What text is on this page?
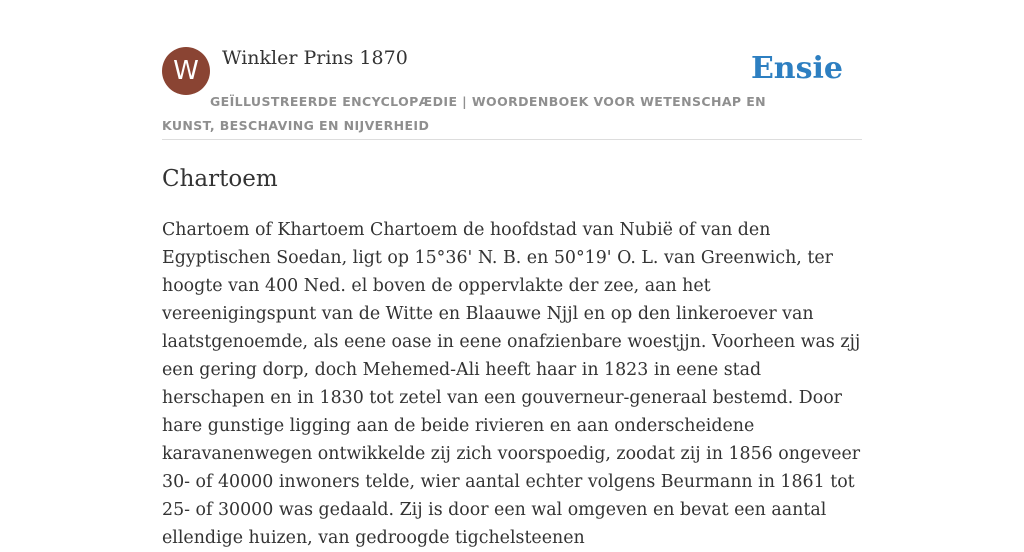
W	Winkler Prins 1870	Ensie

GEÏLLUSTREERDE ENCYCLOPÆDIE | WOORDENBOEK VOOR WETENSCHAP EN KUNST, BESCHAVING EN NIJVERHEID

Chartoem

Chartoem of Khartoem Chartoem de hoofdstad van Nubië of van den Egyptischen Soedan, ligt op 15°36' N. B. en 50°19' O. L. van Greenwich, ter hoogte van 400 Ned. el boven de oppervlakte der zee, aan het vereenigingspunt van de Witte en Blaauwe Njjl en op den linkeroever van laatstgenoemde, als eene oase in eene onafzienbare woestjjn. Voorheen was zjj een gering dorp, doch Mehemed-Ali heeft haar in 1823 in eene stad herschapen en in 1830 tot zetel van een gouverneur-generaal bestemd. Door hare gunstige ligging aan de beide rivieren en aan onderscheidene karavanenwegen ontwikkelde zij zich voorspoedig, zoodat zij in 1856 ongeveer 30- of 40000 inwoners telde, wier aantal echter volgens Beurmann in 1861 tot 25- of 30000 was gedaald. Zij is door een wal omgeven en bevat een aantal ellendige huizen, van gedroogde tigchelsteenen
